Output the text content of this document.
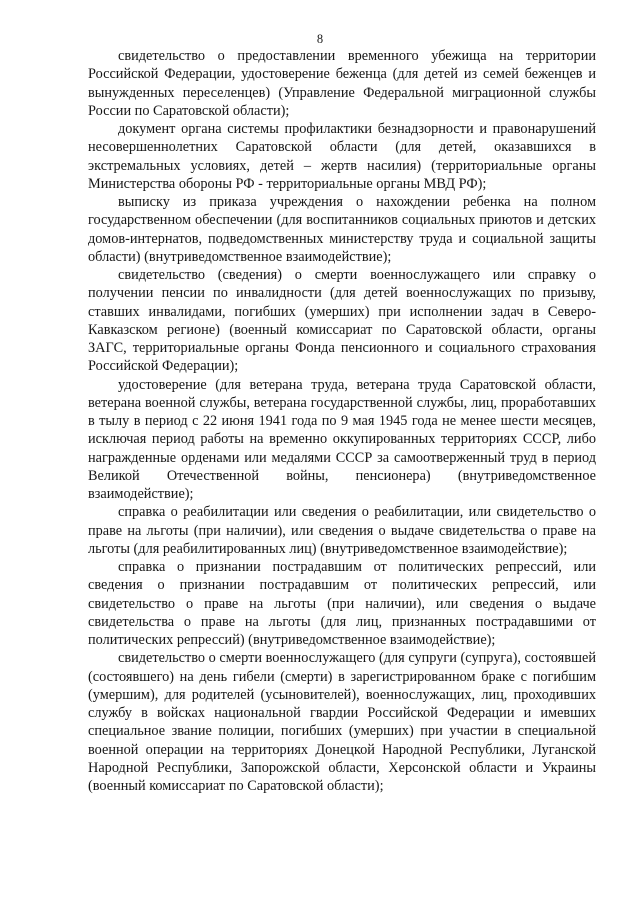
8

свидетельство о предоставлении временного убежища на территории Российской Федерации, удостоверение беженца (для детей из семей беженцев и вынужденных переселенцев) (Управление Федеральной миграционной службы России по Саратовской области);

документ органа системы профилактики безнадзорности и правонарушений несовершеннолетних Саратовской области (для детей, оказавшихся в экстремальных условиях, детей – жертв насилия) (территориальные органы Министерства обороны РФ - территориальные органы МВД РФ);

выписку из приказа учреждения о нахождении ребенка на полном государственном обеспечении (для воспитанников социальных приютов и детских домов-интернатов, подведомственных министерству труда и социальной защиты области) (внутриведомственное взаимодействие);

свидетельство (сведения) о смерти военнослужащего или справку о получении пенсии по инвалидности (для детей военнослужащих по призыву, ставших инвалидами, погибших (умерших) при исполнении задач в Северо-Кавказском регионе) (военный комиссариат по Саратовской области, органы ЗАГС, территориальные органы Фонда пенсионного и социального страхования Российской Федерации);

удостоверение (для ветерана труда, ветерана труда Саратовской области, ветерана военной службы, ветерана государственной службы, лиц, проработавших в тылу в период с 22 июня 1941 года по 9 мая 1945 года не менее шести месяцев, исключая период работы на временно оккупированных территориях СССР, либо награжденные орденами или медалями СССР за самоотверженный труд в период Великой Отечественной войны, пенсионера) (внутриведомственное взаимодействие);

справка о реабилитации или сведения о реабилитации, или свидетельство о праве на льготы (при наличии), или сведения о выдаче свидетельства о праве на льготы (для реабилитированных лиц) (внутриведомственное взаимодействие);

справка о признании пострадавшим от политических репрессий, или сведения о признании пострадавшим от политических репрессий, или свидетельство о праве на льготы (при наличии), или сведения о выдаче свидетельства о праве на льготы (для лиц, признанных пострадавшими от политических репрессий) (внутриведомственное взаимодействие);

свидетельство о смерти военнослужащего (для супруги (супруга), состоявшей (состоявшего) на день гибели (смерти) в зарегистрированном браке с погибшим (умершим), для родителей (усыновителей), военнослужащих, лиц, проходивших службу в войсках национальной гвардии Российской Федерации и имевших специальное звание полиции, погибших (умерших) при участии в специальной военной операции на территориях Донецкой Народной Республики, Луганской Народной Республики, Запорожской области, Херсонской области и Украины (военный комиссариат по Саратовской области);
